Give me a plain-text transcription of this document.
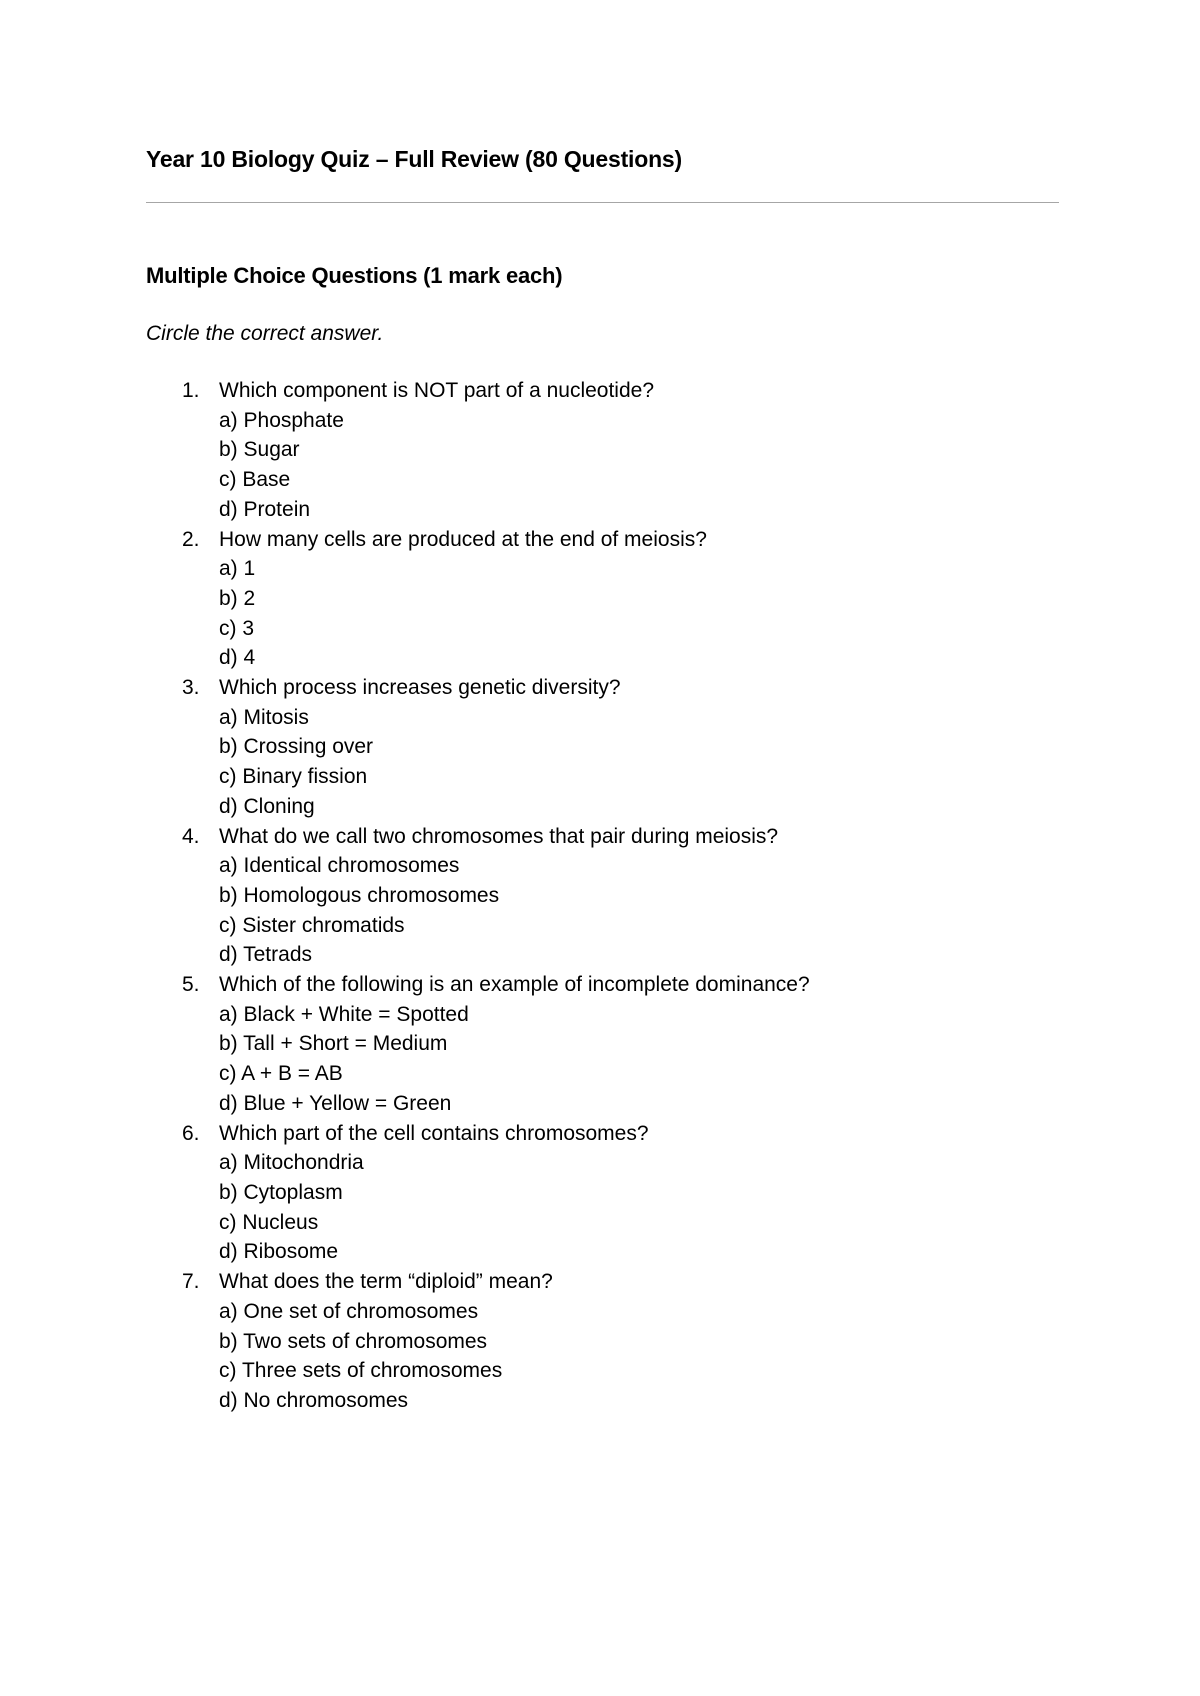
Year 10 Biology Quiz – Full Review (80 Questions)
Multiple Choice Questions (1 mark each)

Circle the correct answer.

1. Which component is NOT part of a nucleotide?
a) Phosphate
b) Sugar
c) Base
d) Protein
2. How many cells are produced at the end of meiosis?
a) 1
b) 2
c) 3
d) 4
3. Which process increases genetic diversity?
a) Mitosis
b) Crossing over
c) Binary fission
d) Cloning
4. What do we call two chromosomes that pair during meiosis?
a) Identical chromosomes
b) Homologous chromosomes
c) Sister chromatids
d) Tetrads
5. Which of the following is an example of incomplete dominance?
a) Black + White = Spotted
b) Tall + Short = Medium
c) A + B = AB
d) Blue + Yellow = Green
6. Which part of the cell contains chromosomes?
a) Mitochondria
b) Cytoplasm
c) Nucleus
d) Ribosome
7. What does the term “diploid” mean?
a) One set of chromosomes
b) Two sets of chromosomes
c) Three sets of chromosomes
d) No chromosomes
